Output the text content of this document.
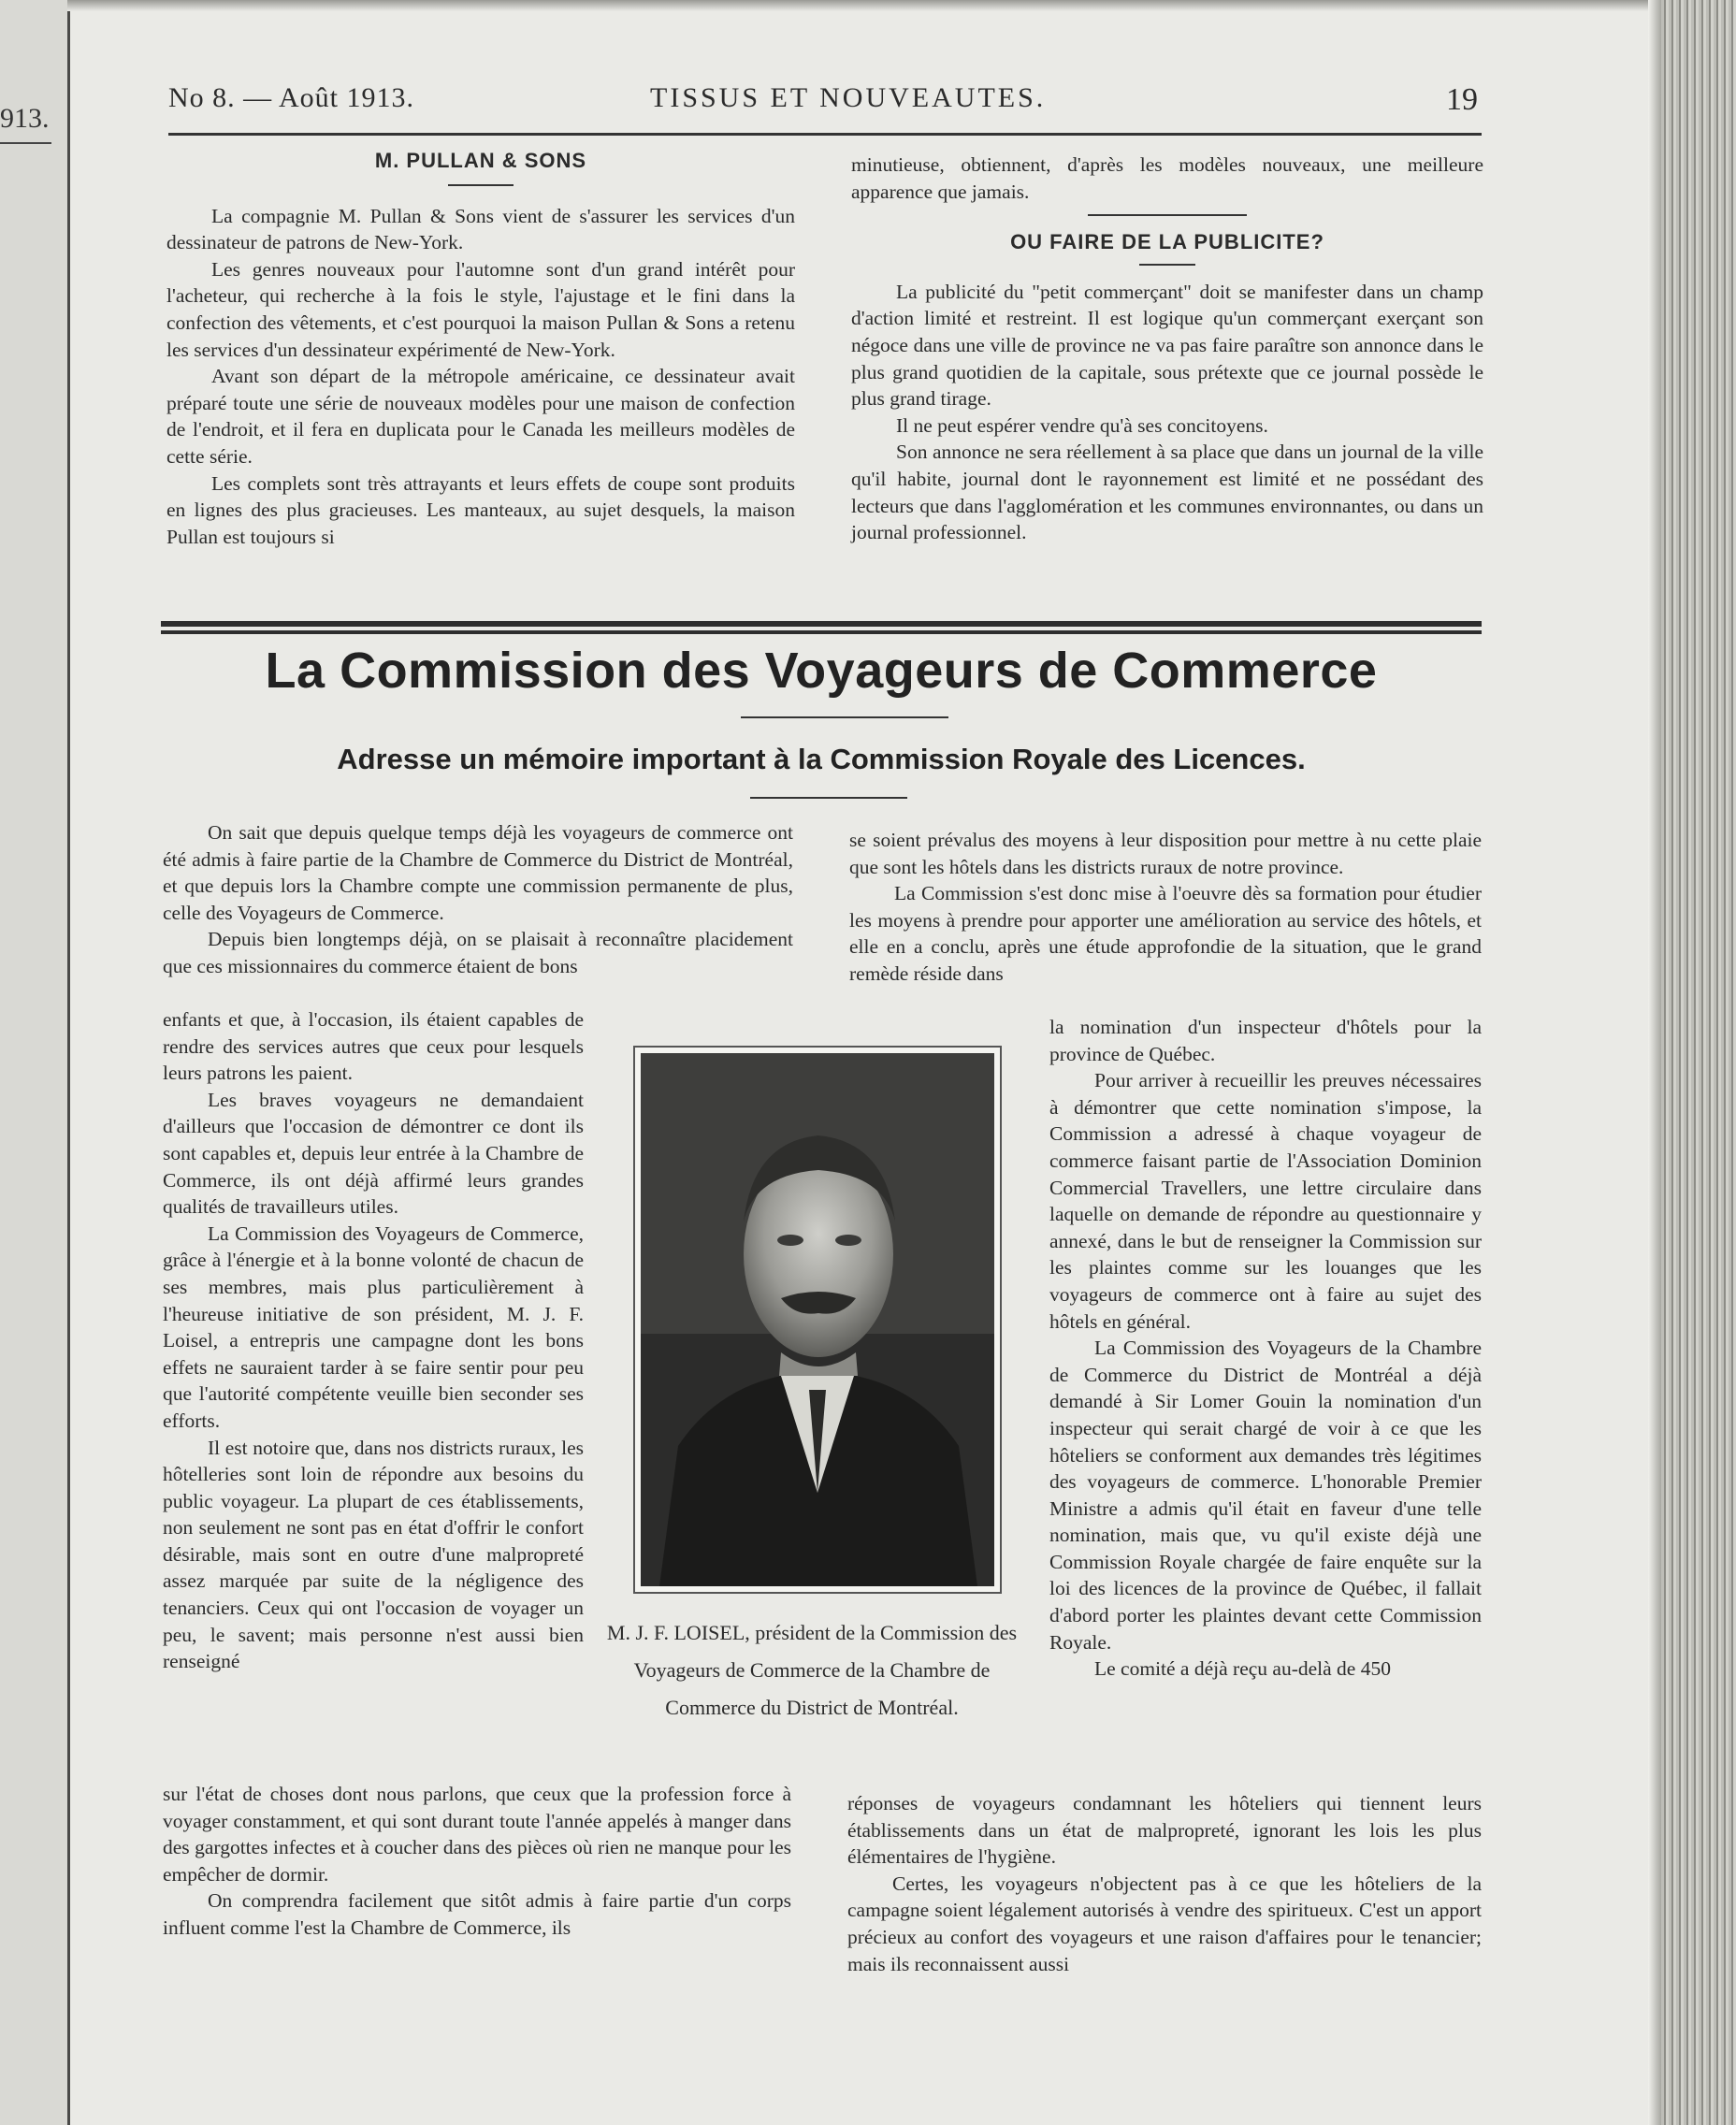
913.
No 8. — Août 1913.	TISSUS ET NOUVEAUTES.	19
M. PULLAN & SONS

La compagnie M. Pullan & Sons vient de s'assurer les services d'un dessinateur de patrons de New-York.

Les genres nouveaux pour l'automne sont d'un grand intérêt pour l'acheteur, qui recherche à la fois le style, l'ajustage et le fini dans la confection des vêtements, et c'est pourquoi la maison Pullan & Sons a retenu les services d'un dessinateur expérimenté de New-York.

Avant son départ de la métropole américaine, ce dessinateur avait préparé toute une série de nouveaux modèles pour une maison de confection de l'endroit, et il fera en duplicata pour le Canada les meilleurs modèles de cette série.

Les complets sont très attrayants et leurs effets de coupe sont produits en lignes des plus gracieuses. Les manteaux, au sujet desquels, la maison Pullan est toujours si

minutieuse, obtiennent, d'après les modèles nouveaux, une meilleure apparence que jamais.

OU FAIRE DE LA PUBLICITE?

La publicité du "petit commerçant" doit se manifester dans un champ d'action limité et restreint. Il est logique qu'un commerçant exerçant son négoce dans une ville de province ne va pas faire paraître son annonce dans le plus grand quotidien de la capitale, sous prétexte que ce journal possède le plus grand tirage.

Il ne peut espérer vendre qu'à ses concitoyens.

Son annonce ne sera réellement à sa place que dans un journal de la ville qu'il habite, journal dont le rayonnement est limité et ne possédant des lecteurs que dans l'agglomération et les communes environnantes, ou dans un journal professionnel.

La Commission des Voyageurs de Commerce
Adresse un mémoire important à la Commission Royale des Licences.

On sait que depuis quelque temps déjà les voyageurs de commerce ont été admis à faire partie de la Chambre de Commerce du District de Montréal, et que depuis lors la Chambre compte une commission permanente de plus, celle des Voyageurs de Commerce.

Depuis bien longtemps déjà, on se plaisait à reconnaître placidement que ces missionnaires du commerce étaient de bons

enfants et que, à l'occasion, ils étaient capables de rendre des services autres que ceux pour lesquels leurs patrons les paient.

Les braves voyageurs ne demandaient d'ailleurs que l'occasion de démontrer ce dont ils sont capables et, depuis leur entrée à la Chambre de Commerce, ils ont déjà affirmé leurs grandes qualités de travailleurs utiles.

La Commission des Voyageurs de Commerce, grâce à l'énergie et à la bonne volonté de chacun de ses membres, mais plus particulièrement à l'heureuse initiative de son président, M. J. F. Loisel, a entrepris une campagne dont les bons effets ne sauraient tarder à se faire sentir pour peu que l'autorité compétente veuille bien seconder ses efforts.

Il est notoire que, dans nos districts ruraux, les hôtelleries sont loin de répondre aux besoins du public voyageur. La plupart de ces établissements, non seulement ne sont pas en état d'offrir le confort désirable, mais sont en outre d'une malpropreté assez marquée par suite de la négligence des tenanciers. Ceux qui ont l'occasion de voyager un peu, le savent; mais personne n'est aussi bien renseigné

sur l'état de choses dont nous parlons, que ceux que la profession force à voyager constamment, et qui sont durant toute l'année appelés à manger dans des gargottes infectes et à coucher dans des pièces où rien ne manque pour les empêcher de dormir.

On comprendra facilement que sitôt admis à faire partie d'un corps influent comme l'est la Chambre de Commerce, ils

se soient prévalus des moyens à leur disposition pour mettre à nu cette plaie que sont les hôtels dans les districts ruraux de notre province.

La Commission s'est donc mise à l'oeuvre dès sa formation pour étudier les moyens à prendre pour apporter une amélioration au service des hôtels, et elle en a conclu, après une étude approfondie de la situation, que le grand remède réside dans

la nomination d'un inspecteur d'hôtels pour la province de Québec.

Pour arriver à recueillir les preuves nécessaires à démontrer que cette nomination s'impose, la Commission a adressé à chaque voyageur de commerce faisant partie de l'Association Dominion Commercial Travellers, une lettre circulaire dans laquelle on demande de répondre au questionnaire y annexé, dans le but de renseigner la Commission sur les plaintes comme sur les louanges que les voyageurs de commerce ont à faire au sujet des hôtels en général.

La Commission des Voyageurs de la Chambre de Commerce du District de Montréal a déjà demandé à Sir Lomer Gouin la nomination d'un inspecteur qui serait chargé de voir à ce que les hôteliers se conforment aux demandes très légitimes des voyageurs de commerce. L'honorable Premier Ministre a admis qu'il était en faveur d'une telle nomination, mais que, vu qu'il existe déjà une Commission Royale chargée de faire enquête sur la loi des licences de la province de Québec, il fallait d'abord porter les plaintes devant cette Commission Royale.

Le comité a déjà reçu au-delà de 450

réponses de voyageurs condamnant les hôteliers qui tiennent leurs établissements dans un état de malpropreté, ignorant les lois les plus élémentaires de l'hygiène.

Certes, les voyageurs n'objectent pas à ce que les hôteliers de la campagne soient légalement autorisés à vendre des spiritueux. C'est un apport précieux au confort des voyageurs et une raison d'affaires pour le tenancier; mais ils reconnaissent aussi

M. J. F. LOISEL, président de la Commission des Voyageurs de Commerce de la Chambre de Commerce du District de Montréal.
